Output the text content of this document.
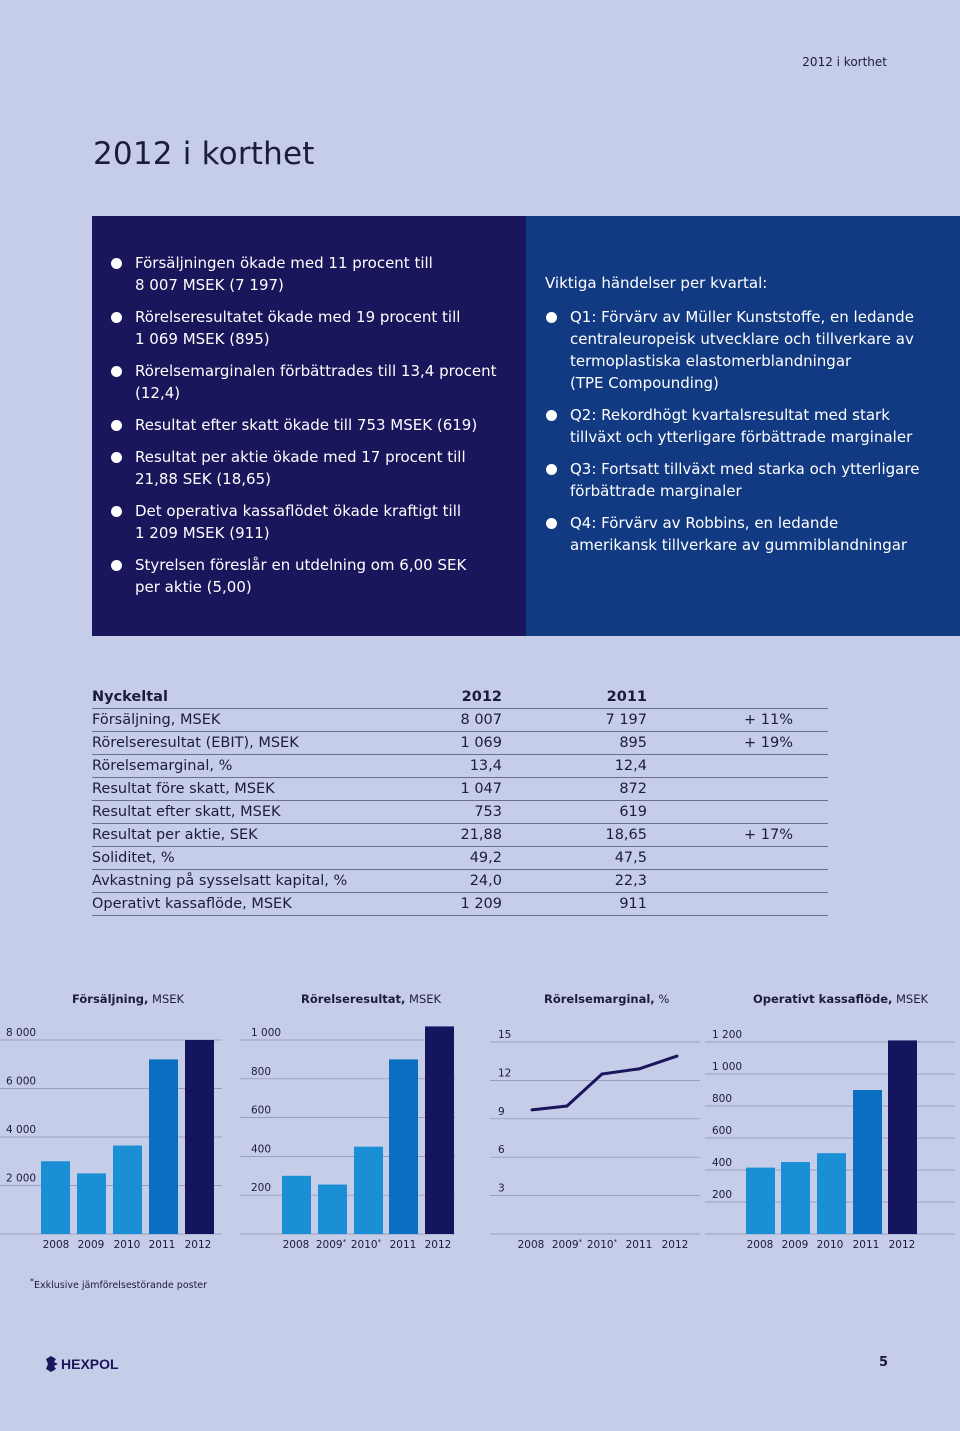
2012 i korthet
2012 i korthet
Försäljningen ökade med 11 procent till
8 007 MSEK (7 197)
Rörelseresultatet ökade med 19 procent till
1 069 MSEK (895)
Rörelsemarginalen förbättrades till 13,4 procent
(12,4)
Resultat efter skatt ökade till 753 MSEK (619)
Resultat per aktie ökade med 17 procent till
21,88 SEK (18,65)
Det operativa kassaflödet ökade kraftigt till
1 209 MSEK (911)
Styrelsen föreslår en utdelning om 6,00 SEK
per aktie (5,00)
Viktiga händelser per kvartal:
Q1: Förvärv av Müller Kunststoffe, en ledande
centraleuropeisk utvecklare och tillverkare av
termoplastiska elastomerblandningar
(TPE Compounding)
Q2: Rekordhögt kvartalsresultat med stark
tillväxt och ytterligare förbättrade marginaler
Q3: Fortsatt tillväxt med starka och ytterligare
förbättrade marginaler
Q4: Förvärv av Robbins, en ledande
amerikansk tillverkare av gummiblandningar
Nyckeltal	2012	2011	
Försäljning, MSEK	8 007	7 197	+ 11%
Rörelseresultat (EBIT), MSEK	1 069	895	+ 19%
Rörelsemarginal, %	13,4	12,4	
Resultat före skatt, MSEK	1 047	872	
Resultat efter skatt, MSEK	753	619	
Resultat per aktie, SEK	21,88	18,65	+ 17%
Soliditet, %	49,2	47,5	
Avkastning på sysselsatt kapital, %	24,0	22,3	
Operativt kassaflöde, MSEK	1 209	911	
Försäljning, MSEK	Rörelseresultat, MSEK	Rörelsemarginal, %	Operativt kassaflöde, MSEK
2 000
4 000
6 000
8 000
2008 2009 2010 2011 2012
200
400
600
800
1 000
2008 2009* 2010* 2011 2012
3
6
9
12
15
2008 2009* 2010* 2011 2012
200
400
600
800
1 000
1 200
2008 2009 2010 2011 2012
*Exklusive jämförelsestörande poster
HEXPOL	5
